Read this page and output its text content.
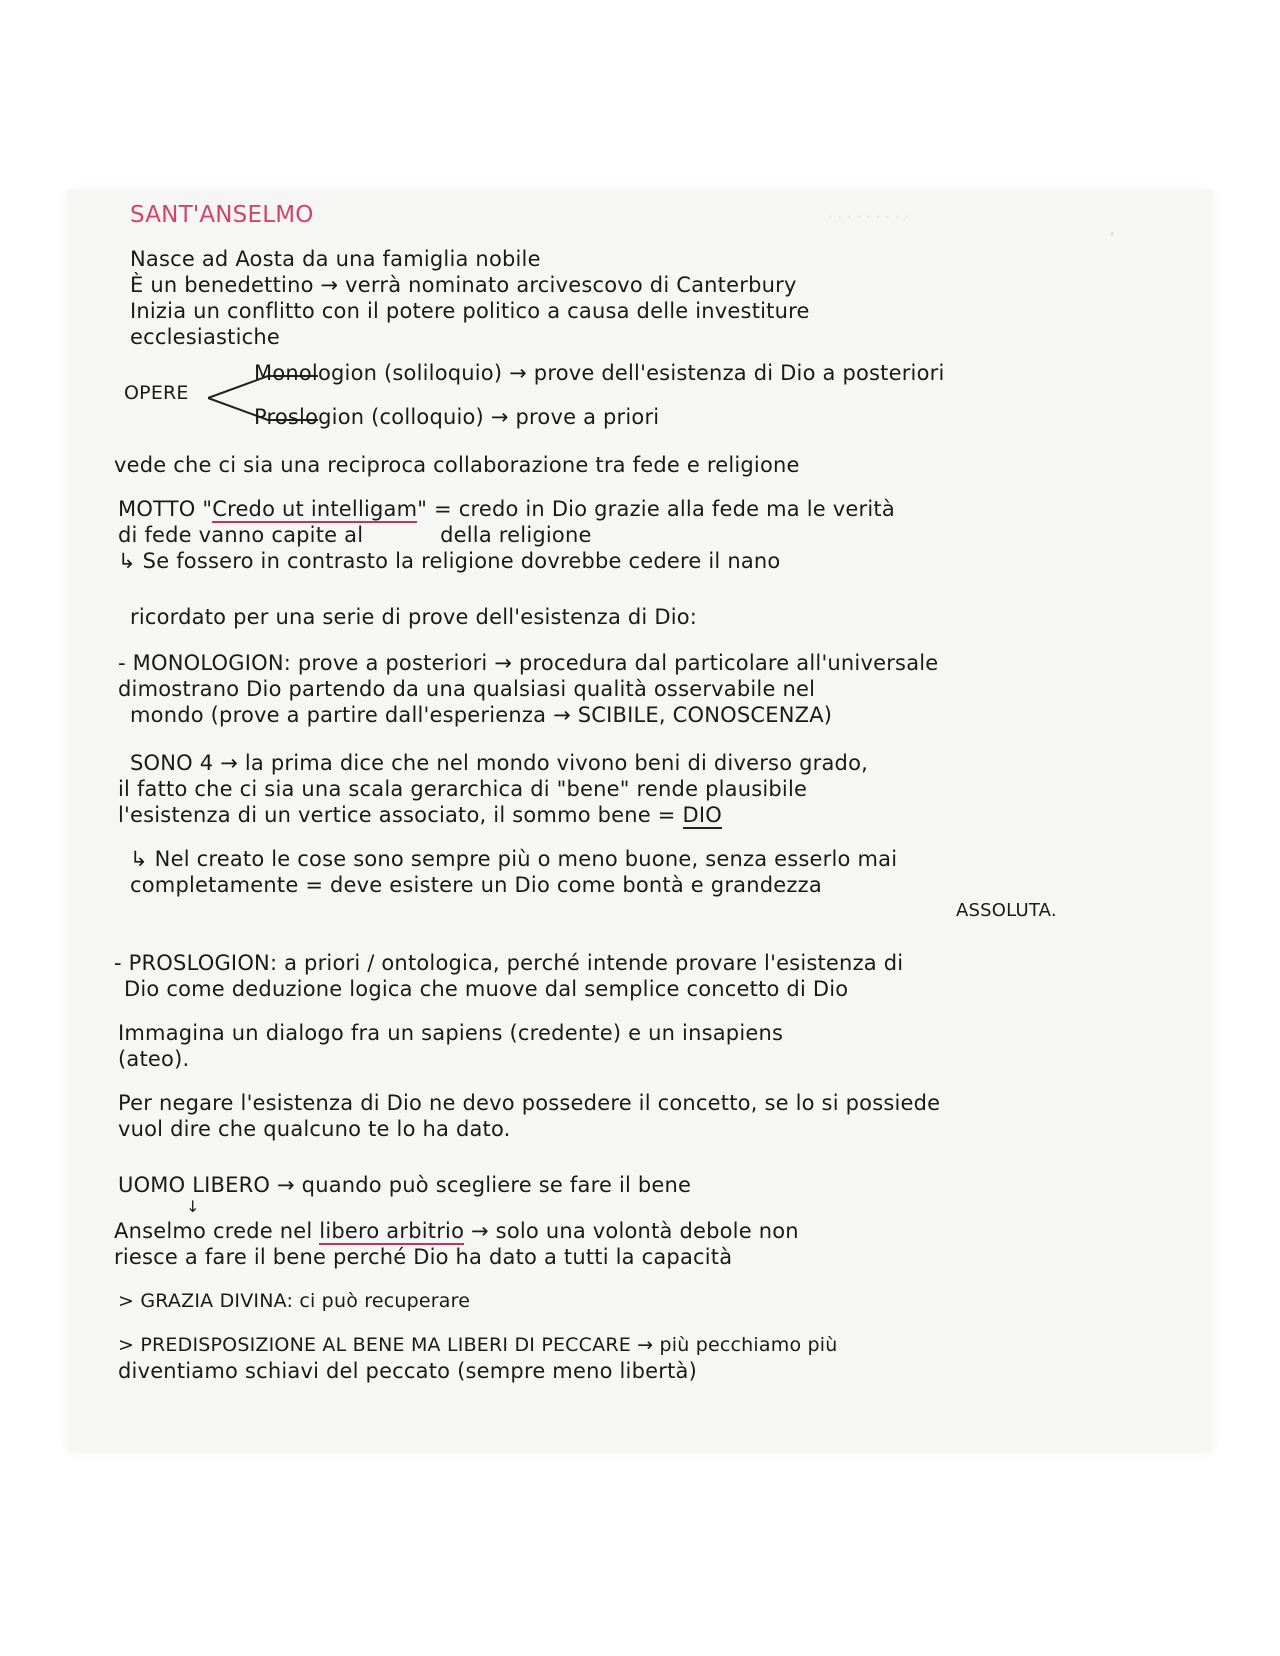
· · · · · · · · ·
·
SANT'ANSELMO
Nasce ad Aosta da una famiglia nobile
È un benedettino → verrà nominato arcivescovo di Canterbury
Inizia un conflitto con il potere politico a causa delle investiture
ecclesiastiche
OPERE
Monologion (soliloquio) → prove dell'esistenza di Dio a posteriori
Proslogion (colloquio) → prove a priori
vede che ci sia una reciproca collaborazione tra fede e religione
MOTTO "Credo ut intelligam" = credo in Dio grazie alla fede ma le verità
di fede vanno capite al	della religione
↳ Se fossero in contrasto la religione dovrebbe cedere il nano
ricordato per una serie di prove dell'esistenza di Dio:
- MONOLOGION: prove a posteriori → procedura dal particolare all'universale
dimostrano Dio partendo da una qualsiasi qualità osservabile nel
mondo (prove a partire dall'esperienza → SCIBILE, CONOSCENZA)
SONO 4 → la prima dice che nel mondo vivono beni di diverso grado,
il fatto che ci sia una scala gerarchica di "bene" rende plausibile
l'esistenza di un vertice associato, il sommo bene = DIO
↳ Nel creato le cose sono sempre più o meno buone, senza esserlo mai
completamente = deve esistere un Dio come bontà e grandezza
ASSOLUTA.
- PROSLOGION: a priori / ontologica, perché intende provare l'esistenza di
Dio come deduzione logica che muove dal semplice concetto di Dio
Immagina un dialogo fra un sapiens (credente) e un insapiens
(ateo).
Per negare l'esistenza di Dio ne devo possedere il concetto, se lo si possiede
vuol dire che qualcuno te lo ha dato.
UOMO LIBERO → quando può scegliere se fare il bene
↓
Anselmo crede nel libero arbitrio → solo una volontà debole non
riesce a fare il bene perché Dio ha dato a tutti la capacità
> GRAZIA DIVINA: ci può recuperare
> PREDISPOSIZIONE AL BENE MA LIBERI DI PECCARE → più pecchiamo più
diventiamo schiavi del peccato (sempre meno libertà)
